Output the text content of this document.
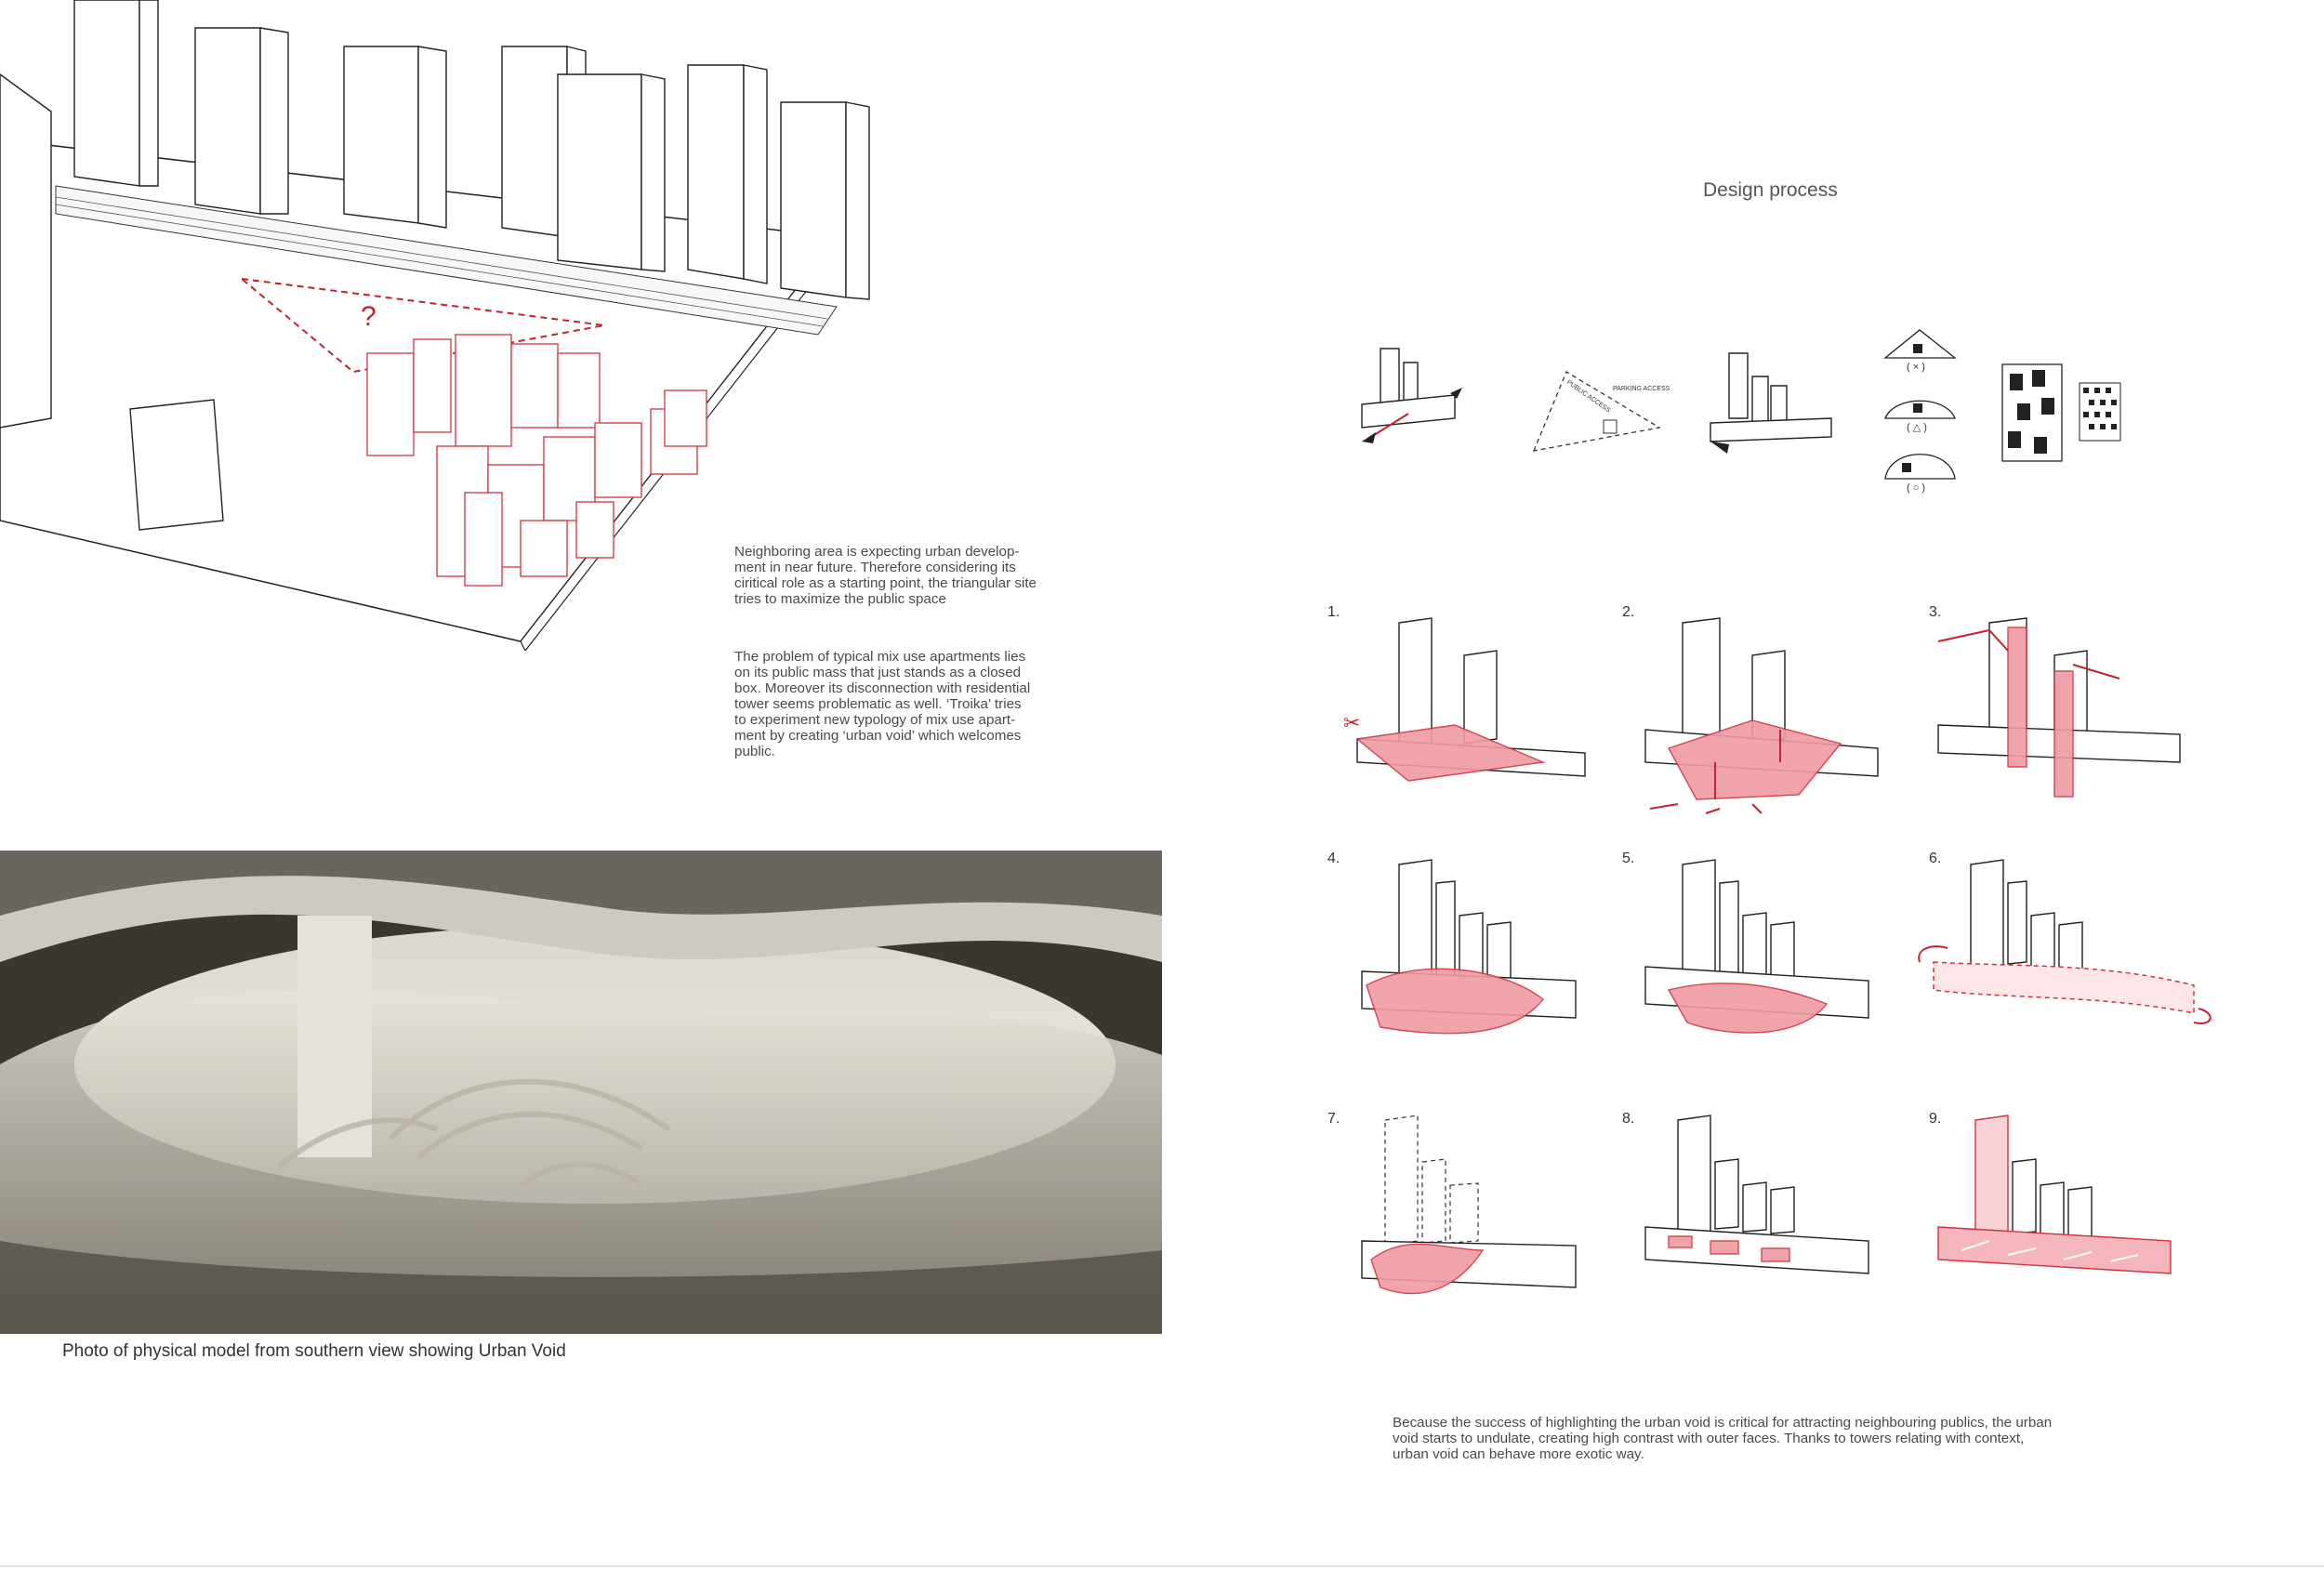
?
Neighboring area is expecting urban develop-
ment in near future. Therefore considering its
ciritical role as a starting point, the triangular site
tries to maximize the public space
The problem of typical mix use apartments lies
on its public mass that just stands as a closed
box. Moreover its disconnection with residential
tower seems problematic as well. ‘Troika’ tries
to experiment new typology of mix use apart-
ment by creating ‘urban void’ which welcomes
public.
Photo of physical model from southern view showing Urban Void
Design process
PUBLIC ACCESS PARKING ACCESS
( × )
( △ )
( ○ )
1.	2.	3.
4.	5.	6.
7.	8.	9.
✂
Because the success of highlighting the urban void is critical for attracting neighbouring publics, the urban
void starts to undulate, creating high contrast with outer faces. Thanks to towers relating with context,
urban void can behave more exotic way.
